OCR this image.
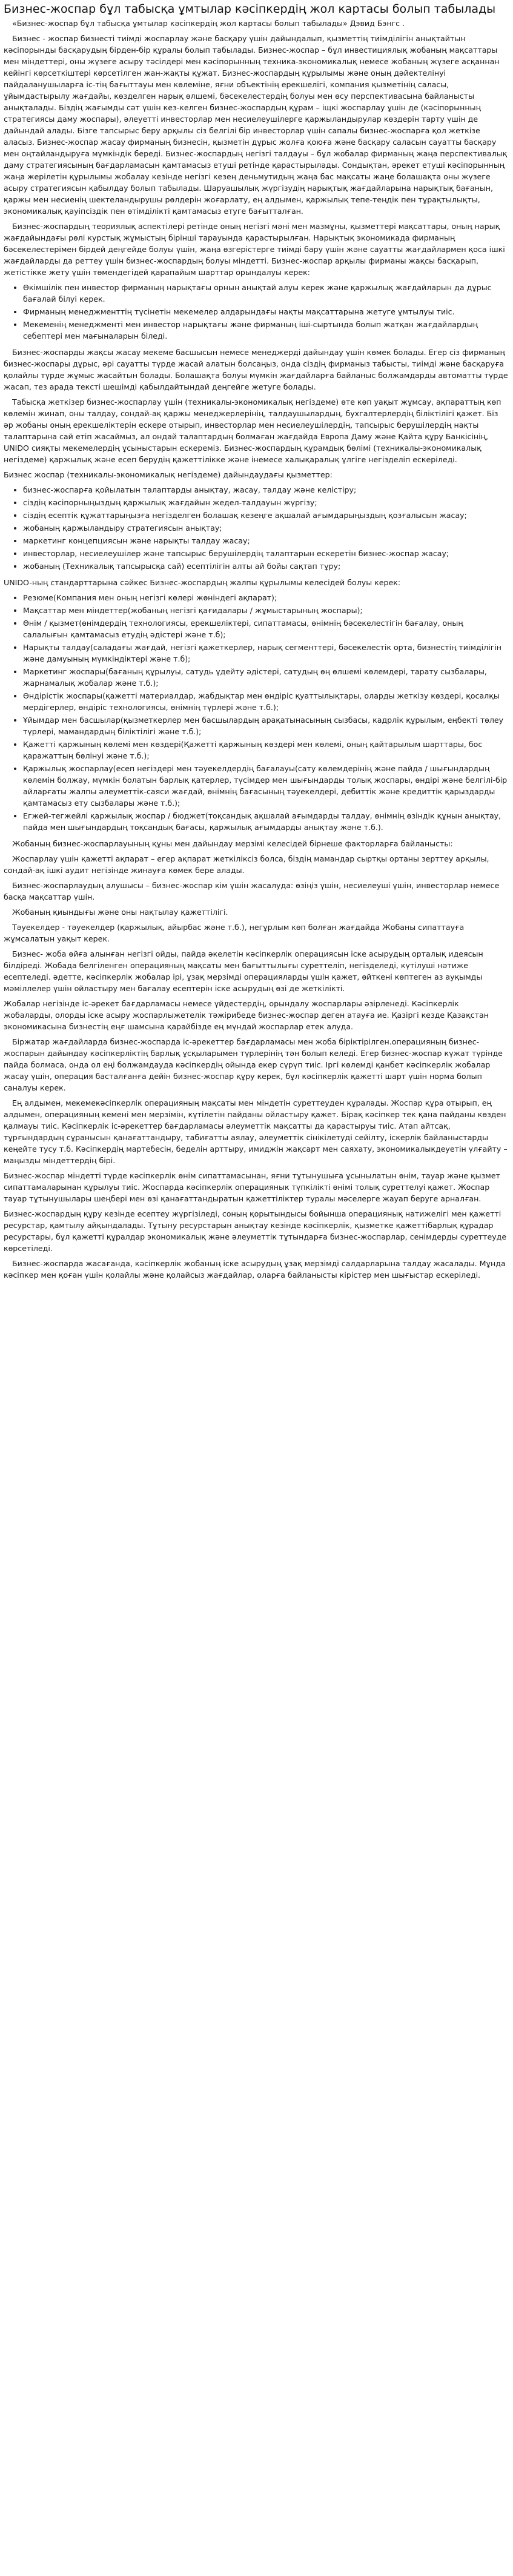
Бизнес-жоспар бұл табысқа ұмтылар кәсіпкердің жол картасы болып табылады

«Бизнес-жоспар бұл табысқа ұмтылар кәсіпкердің жол картасы болып табылады» Дэвид Бэнгс .

Бизнес - жоспар бизнесті тиімді жоспарлау және басқару үшін дайындалып, қызметтің тиімділігін анықтайтын кәсіпорынды басқарудың бірден-бір құралы болып табылады. Бизнес-жоспар – бұл инвестициялық жобаның мақсаттары мен міндеттері, оны жүзеге асыру тәсілдері мен кәсіпорынның техника-экономикалық немесе жобаның жүзеге асқаннан кейінгі көрсеткіштері көрсетілген жан-жақты құжат. Бизнес-жоспардың құрылымы және оның дәйектелінуі пайдаланушыларға іс-тің бағыттауы мен көлеміне, яғни объектінің ерекшелігі, компания қызметінің саласы, ұйымдастырылу жағдайы, көзделген нарық өлшемі, бәсекелестердің болуы мен өсу перспективасына байланысты анықталады. Біздің жағымды сәт үшін кез-келген бизнес-жоспардың құрам – іщкі жоспарлау ұшін де (кәсіпорынның стратегиясы даму жоспары), әлеуетті инвесторлар мен несиелеушілерге қаржыландырулар көздерін тарту үшін де дайындай алады. Бізге тапсырыс беру арқылы сіз белгілі бір инвесторлар үшін сапалы бизнес-жоспарға қол жеткізе аласыз. Бизнес-жоспар жасау фирманың бизнесін, қызметін дұрыс жолға қоюға және басқару саласын сауатты басқару мен оңтайландыруға мүмкіндік береді. Бизнес-жоспардың негізгі талдауы – бұл жобалар фирманың жаңа перспективалық даму стратегиясының бағдарламасын қамтамасыз етуші ретінде қарастырылады. Сондықтан, әрекет етуші кәсіпорынның жаңа жерілетін құрылымы жобалау кезінде негізгі кезең деньмутидың жаңа бас мақсаты жаңе болашақта оны жүзеге асыру стратегиясын қабылдау болып табылады. Шаруашылық жүргізудің нарықтық жағдайларына нарықтық бағанын, қаржы мен несиенің шектеландырушы рөлдерін жоғарлату, ең алдымен, қаржылық тепе-теңдік пен тұрақтылықты, экономикалық қауіпсіздік пен өтімділікті қамтамасыз етуге бағытталған.

Бизнес-жоспардың теориялық аспектілері ретінде оның негізгі мәні мен мазмұны, қызметтері мақсаттары, оның нарық жағдайындағы рөлі курстық жұмыстың бірінші тарауында қарастырылған. Нарықтық экономикада фирманың бәсекелестерімен бірдей деңгейде болуы үшін, жаңа өзгерістерге тиімді бару үшін және сауатты жағдайлармен қоса ішкі жағдайларды да реттеу үшін бизнес-жоспардың болуы міндетті. Бизнес-жоспар арқылы фирманы жақсы басқарып, жетістікке жету үшін төмендегідей қарапайым шарттар орындалуы керек:

• Өкімшілік пен инвестор фирманың нарықтағы орнын анықтай алуы керек және қаржылық жағдайларын да дұрыс бағалай білуі керек.
• Фирманың менеджменттің түсінетін мекемелер алдарындағы нақты мақсаттарына жетуге ұмтылуы тиіс.
• Мекеменің менеджменті мен инвестор нарықтағы және фирманың іші-сыртында болып жатқан жағдайлардың себептері мен мағыналарын біледі.

Бизнес-жоспарды жақсы жасау мекеме басшысын немесе менеджерді дайындау үшін көмек болады. Егер сіз фирманың бизнес-жоспары дұрыс, әрі сауатты түрде жасай алатын болсаңыз, онда сіздің фирманыз табысты, тиімді және басқаруға қолайлы түрде жұмыс жасайтын болады. Болашақта болуы мүмкін жағдайларға байланыс болжамдарды автоматты түрде жасап, тез арада тексті шешімді қабылдайтындай деңгейге жетуге болады.

Табысқа жеткізер бизнес-жоспарлау үшін (техникалы-экономикалық негіздеме) өте көп уақыт жұмсау, ақпараттың көп көлемін жинап, оны талдау, сондай-ақ қаржы менеджерлерінің, талдаушылардың, бухгалтерлердің біліктілігі қажет. Біз әр жобаны оның ерекшеліктерін ескере отырып, инвесторлар мен несиелеушілердің, тапсырыс берушілердің нақты талаптарына сай етіп жасаймыз, ал ондай талаптардың болмаған жағдайда Европа Даму және Қайта құру Банкісінің, UNIDO сияқты мекемелердің ұсыныстарын ескереміз. Бизнес-жоспардың құрамдық бөлімі (техникалы-экономикалық негіздеме) қаржылық және есеп берудің қажеттілікке және інемесе халықаралық үлгіге негізделіп ескеріледі.

Бизнес жоспар (техникалы-экономикалық негіздеме) дайындаудағы қызметтер:

• бизнес-жоспарға қойылатын талаптарды анықтау, жасау, талдау және келістіру;
• сіздің кәсіпорныңыздың қаржылық жағдайын жедел-талдауын жүргізу;
• сіздің есептік құжаттарыңызға негізделген болашақ кезеңге ақшалай ағымдарыңыздың қозғалысын жасау;
• жобаның қаржыландыру стратегиясын анықтау;
• маркетинг концепциясын және нарықты талдау жасау;
• инвесторлар, несиелеушілер және тапсырыс берушілердің талаптарын ескеретін бизнес-жоспар жасау;
• жобаның (Техникалық тапсырысқа сай) есептілігін алты ай бойы сақтап тұру;

UNIDO-ның стандарттарына сәйкес Бизнес-жоспардың жалпы құрылымы келесідей болуы керек:

• Резюме(Компания мен оның негізгі көлері жөніндегі ақпарат);
• Мақсаттар мен міндеттер(жобаның негізгі қағидалары / жұмыстарының жоспары);
• Өнім / қызмет(өнімдердің технологиясы, ерекшеліктері, сипаттамасы, өнімнің бәсекелестігін бағалау, оның салалығын қамтамасыз етудің әдістері және т.б);
• Нарықты талдау(саладағы жағдай, негізгі қажеткерлер, нарық сегменттері, бәсекелестік орта, бизнестің тиімділігін және дамуының мүмкіндіктері және т.б);
• Маркетинг жоспары(бағаның құрылуы, сатудь үдейту әдістері, сатудың өң өлшемі көлемдері, тарату сызбалары, жарнамалық жобалар және т.б.);
• Өндірістік жоспары(қажетті материалдар, жабдықтар мен өндіріс қуаттылықтары, оларды жеткізу көздері, қосалқы мердігерлер, өндіріс технологиясы, өнімнің түрлері және т.б.);
• Ұйымдар мен басшылар(қызметкерлер мен басшылардың арақатынасының сызбасы, кадрлік құрылым, еңбекті төлеу түрлері, мамандардың біліктілігі және т.б.);
• Қажетті қаржының көлемі мен көздері(Қажетті қаржының көздері мен көлемі, оның қайтарылым шарттары, бос қаражаттың бөлінуі және т.б.);
• Қаржылық жоспарлау(есеп негіздері мен тәуекелдердің бағалауы(сату көлемдерінің және пайда / шығындардың көлемін болжау, мүмкін болатын барлық қатерлер, түсімдер мен шығындарды толық жоспары, өндірі және белгілі-бір айларғаты жалпы әлеуметтік-саяси жағдай, өнімнің бағасының тәуекелдері, дебиттік және кредиттік қарыздарды қамтамасыз ету сызбалары және т.б.);
• Егжей-тегжейлі қаржылық жоспар / бюджет(тоқсандық ақшалай ағымдарды талдау, өнімнің өзіндік құнын анықтау, пайда мен шығындардың тоқсандық бағасы, қаржылық ағымдарды анықтау және т.б.).

Жобаның бизнес-жоспарлауының құны мен дайындау мерзімі келесідей бірнеше факторларға байланысты:

Жоспарлау үшін қажетті ақпарат – егер ақпарат жеткіліксіз болса, біздің мамандар сыртқы ортаны зерттеу арқылы, сондай-ақ ішкі аудит негізінде жинауға көмек бере алады.

Бизнес-жоспарлаудың алушысы – бизнес-жоспар кім үшін жасалуда: өзіңіз үшін, несиелеуші үшін, инвесторлар немесе басқа мақсаттар үшін.

Жобаның қиындығы және оны нақтылау қажеттілігі.

Тәуекелдер - тәуекелдер (қаржылық, айырбас және т.б.), негұрлым көп болған жағдайда Жобаны сипаттауға жұмсалатын уақыт керек.

Бизнес- жоба өйға алынған негізгі ойды, пайда әкелетін кәсіпкерлік операциясын іске асырудың орталық идеясын білдіреді. Жобада белгіленген операцияның мақсаты мен бағыттылығы суреттеліп, негізделеді, күтілуші нәтиже есептеледі. әдетте, кәсіпкерлік жобалар ірі, ұзақ мерзімді операцияларды үшін қажет, өйткені көптеген аз ауқымды мәміллелер үшін ойластыру мен бағалау есептерін іске асырудың өзі де жеткілікті.

Жобалар негізінде іс-әрекет бағдарламасы немесе үйдестердің, орындалу жоспарлары әзірленеді. Кәсіпкерлік жобаларды, олорды іске асыру жоспарлыжетелік тәжірибеде бизнес-жоспар деген атауға ие. Қазіргі кезде Қазақстан экономикасына бизнестің еңғ шамсына қарайбізде ең мүндай жоспарлар етек алуда.

Біржатар жағдайларда бизнес-жоспарда іс-әрекеттер бағдарламасы мен жоба біріктірілген.операцияның бизнес-жоспарын дайындау кәсіпкерліктің барлық ұсқыларымен түрлерінің тән болып келеді. Егер бизнес-жоспар күжат түрінде пайда болмаса, онда ол еңі болжамдауда кәсіпкердің ойында екер сүрүп тиіс. Іргі көлемді қанбет кәсіпкерлік жобалар жасау үшін, операция басталғанға дейін бизнес-жоспар құру керек, бұл кәсіпкерлік қажетті шарт үшін норма болып саналуы керек.

Ең алдымен, мекемекәсіпкерлік операцияның мақсаты мен міндетін суреттеуден құралады. Жоспар құра отырып, ең алдымен, операцияның кемені мен мерзімін, күтілетін пайданы ойластыру қажет. Бірақ кәсіпкер тек қана пайданы көзден қалмауы тиіс. Кәсіпкерлік іс-әрекеттер бағдарламасы әлеуметтік мақсатты да қарастыруы тиіс. Атап айтсақ, тұрғындардың сұранысын қанағаттандыру, табиғатты аялау, әлеуметтік сінікілетуді сейілту, іскерлік байланыстарды кеңейте тусу т.б. Кәсіпкердің мартебесін, беделін арттыру, имиджін жақсарт мен саяхату, экономикалыкдеуетін үлғайту – маңызды міндеттердің бірі.

Бизнес-жоспар міндетті түрде кәсіпкерлік өнім сипаттамасынан, яғни тұтынушыға ұсынылатын өнім, тауар және қызмет сипаттамаларынан құрылуы тиіс. Жоспарда кәсіпкерлік операциянык түпкілікті өнімі толық суреттелуі қажет. Жоспар тауар тұтынушылары шеңбері мен өзі қанағаттандыратын қажеттіліктер туралы мәселерге жауап беруге арналған.

Бизнес-жоспардың құру кезінде есептеу жүргізіледі, соның қорытындысы бойынша операциянық натижелігі мен қажетті ресурстар, қамтылу айқындалады. Тұтыну ресурстарын анықтау кезінде кәсіпкерлік, қызметке қажеттібарлық құрадар ресурстары, бұл қажетті құралдар экономикалық және әлеуметтік тұтындарға бизнес-жоспарлар, сенімдерды суреттеуде көрсетіледі.

Бизнес-жоспарда жасағанда, кәсіпкерлік жобаның іске асырудың ұзақ мерзімді салдарларына талдау жасалады. Мұнда кәсіпкер мен қоған үшін қолайлы және қолайсыз жағдайлар, оларға байланысты кірістер мен шығыстар ескеріледі.
